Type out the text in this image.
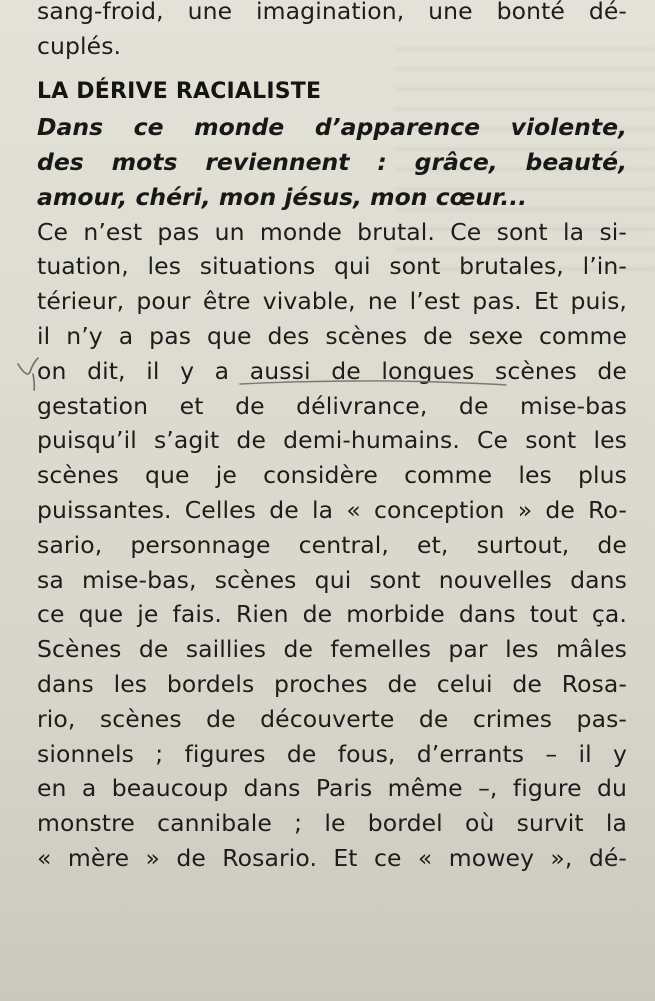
sang-froid, une imagination, une bonté dé-
cuplés.
LA DÉRIVE RACIALISTE
Dans ce monde d’apparence violente,
des mots reviennent : grâce, beauté,
amour, chéri, mon jésus, mon cœur...
Ce n’est pas un monde brutal. Ce sont la si-
tuation, les situations qui sont brutales, l’in-
térieur, pour être vivable, ne l’est pas. Et puis,
il n’y a pas que des scènes de sexe comme
on dit, il y a aussi de longues scènes de
gestation et de délivrance, de mise-bas
puisqu’il s’agit de demi-humains. Ce sont les
scènes que je considère comme les plus
puissantes. Celles de la « conception » de Ro-
sario, personnage central, et, surtout, de
sa mise-bas, scènes qui sont nouvelles dans
ce que je fais. Rien de morbide dans tout ça.
Scènes de saillies de femelles par les mâles
dans les bordels proches de celui de Rosa-
rio, scènes de découverte de crimes pas-
sionnels ; figures de fous, d’errants – il y
en a beaucoup dans Paris même –, figure du
monstre cannibale ; le bordel où survit la
« mère » de Rosario. Et ce « mowey », dé-
